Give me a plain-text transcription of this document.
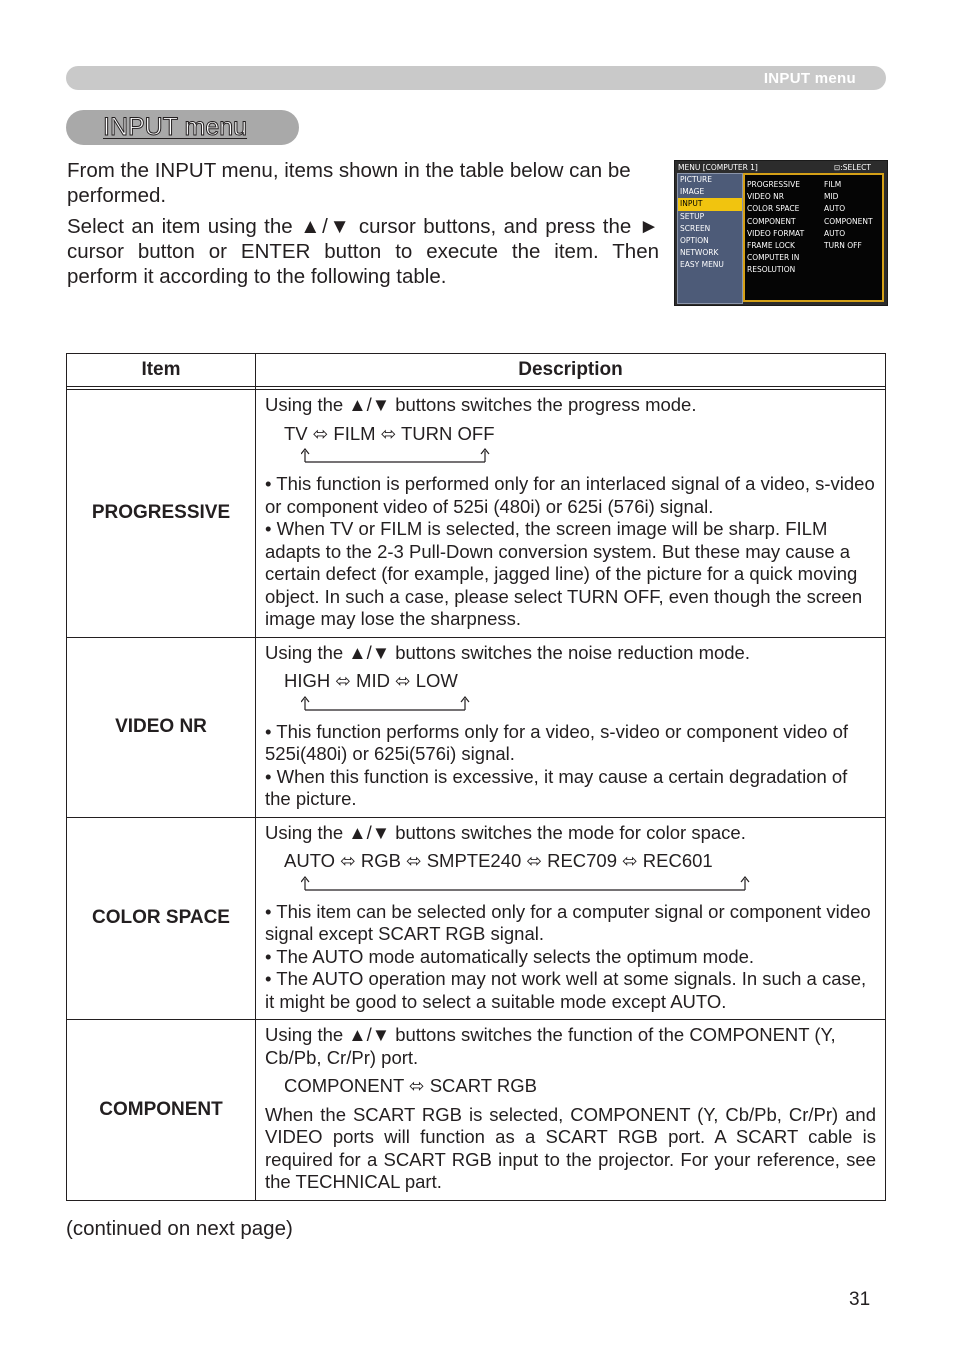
INPUT menu
INPUT menu

From the INPUT menu, items shown in the table below can be performed.

Select an item using the ▲/▼ cursor buttons, and press the ► cursor button or ENTER button to execute the item. Then perform it according to the following table.

MENU [COMPUTER 1]	⊡:SELECT
PICTURE
IMAGE
INPUT
SETUP
SCREEN
OPTION
NETWORK
EASY MENU
PROGRESSIVE
VIDEO NR
COLOR SPACE
COMPONENT
VIDEO FORMAT
FRAME LOCK
COMPUTER IN
RESOLUTION
FILM
MID
AUTO
COMPONENT
AUTO
TURN OFF
Item	Description

PROGRESSIVE	Using the ▲/▼ buttons switches the progress mode.

TV ⬄ FILM ⬄ TURN OFF

• This function is performed only for an interlaced signal of a video, s-video or component video of 525i (480i) or 625i (576i) signal.
• When TV or FILM is selected, the screen image will be sharp. FILM adapts to the 2-3 Pull-Down conversion system. But these may cause a certain defect (for example, jagged line) of the picture for a quick moving object. In such a case, please select TURN OFF, even though the screen image may lose the sharpness.

VIDEO NR	Using the ▲/▼ buttons switches the noise reduction mode.

HIGH ⬄ MID ⬄ LOW

• This function performs only for a video, s-video or component video of 525i(480i) or 625i(576i) signal.
• When this function is excessive, it may cause a certain degradation of the picture.

COLOR SPACE	Using the ▲/▼ buttons switches the mode for color space.

AUTO ⬄ RGB ⬄ SMPTE240 ⬄ REC709 ⬄ REC601

• This item can be selected only for a computer signal or component video signal except SCART RGB signal.
• The AUTO mode automatically selects the optimum mode.
• The AUTO operation may not work well at some signals. In such a case, it might be good to select a suitable mode except AUTO.

COMPONENT	Using the ▲/▼ buttons switches the function of the COMPONENT (Y, Cb/Pb, Cr/Pr) port.

COMPONENT ⬄ SCART RGB

When the SCART RGB is selected, COMPONENT (Y, Cb/Pb, Cr/Pr) and VIDEO ports will function as a SCART RGB port. A SCART cable is required for a SCART RGB input to the projector. For your reference, see the TECHNICAL part.

(continued on next page)
31
